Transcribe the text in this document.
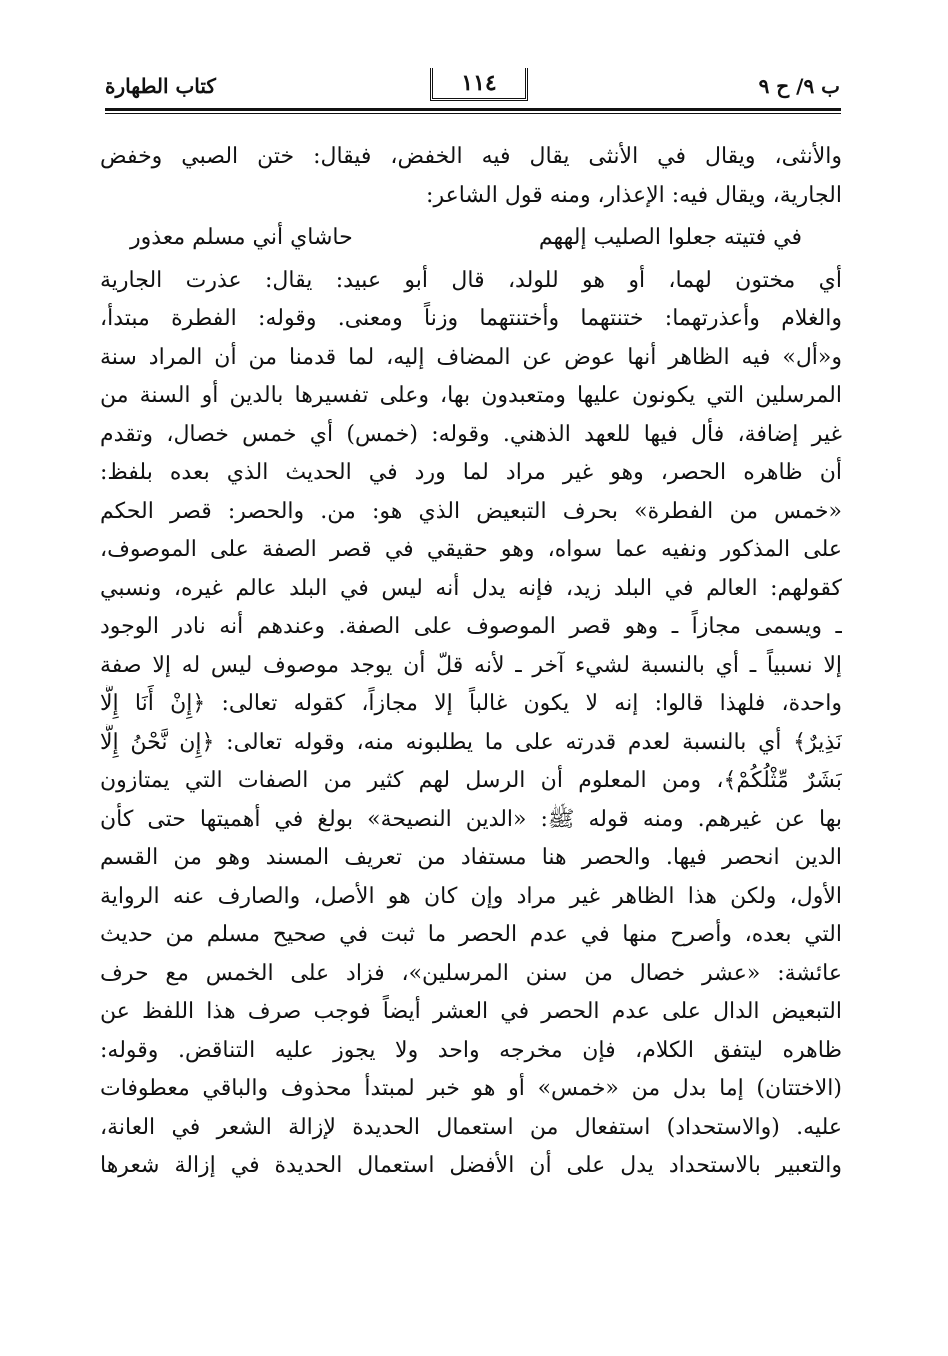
ب ٩/ ح ٩
١١٤
كتاب الطهارة
والأنثى، ويقال في الأنثى يقال فيه الخفض، فيقال: ختن الصبي وخفض
الجارية، ويقال فيه: الإعذار، ومنه قول الشاعر:
في فتيته جعلوا الصليب إلههم
حاشاي أني مسلم معذور
أي مختون لهما، أو هو للولد، قال أبو عبيد: يقال: عذرت الجارية
والغلام وأعذرتهما: ختنتهما وأختنتهما وزناً ومعنى. وقوله: الفطرة مبتدأ،
و«أل» فيه الظاهر أنها عوض عن المضاف إليه، لما قدمنا من أن المراد سنة
المرسلين التي يكونون عليها ومتعبدون بها، وعلى تفسيرها بالدين أو السنة من
غير إضافة، فأل فيها للعهد الذهني. وقوله: (خمس) أي خمس خصال، وتقدم
أن ظاهره الحصر، وهو غير مراد لما ورد في الحديث الذي بعده بلفظ:
«خمس من الفطرة» بحرف التبعيض الذي هو: من. والحصر: قصر الحكم
على المذكور ونفيه عما سواه، وهو حقيقي في قصر الصفة على الموصوف،
كقولهم: العالم في البلد زيد، فإنه يدل أنه ليس في البلد عالم غيره، ونسبي
ـ ويسمى مجازاً ـ وهو قصر الموصوف على الصفة. وعندهم أنه نادر الوجود
إلا نسبياً ـ أي بالنسبة لشيء آخر ـ لأنه قلّ أن يوجد موصوف ليس له إلا صفة
واحدة، فلهذا قالوا: إنه لا يكون غالباً إلا مجازاً، كقوله تعالى: ﴿إِنْ أَنَا إِلَّا
نَذِيرٌ﴾ أي بالنسبة لعدم قدرته على ما يطلبونه منه، وقوله تعالى: ﴿إِن نَّحْنُ إِلَّا
بَشَرٌ مِّثْلُكُمْ﴾، ومن المعلوم أن الرسل لهم كثير من الصفات التي يمتازون
بها عن غيرهم. ومنه قوله ﷺ: «الدين النصيحة» بولغ في أهميتها حتى كأن
الدين انحصر فيها. والحصر هنا مستفاد من تعريف المسند وهو من القسم
الأول، ولكن هذا الظاهر غير مراد وإن كان هو الأصل، والصارف عنه الرواية
التي بعده، وأصرح منها في عدم الحصر ما ثبت في صحيح مسلم من حديث
عائشة: «عشر خصال من سنن المرسلين»، فزاد على الخمس مع حرف
التبعيض الدال على عدم الحصر في العشر أيضاً فوجب صرف هذا اللفظ عن
ظاهره ليتفق الكلام، فإن مخرجه واحد ولا يجوز عليه التناقض. وقوله:
(الاختتان) إما بدل من «خمس» أو هو خبر لمبتدأ محذوف والباقي معطوفات
عليه. (والاستحداد) استفعال من استعمال الحديدة لإزالة الشعر في العانة،
والتعبير بالاستحداد يدل على أن الأفضل استعمال الحديدة في إزالة شعرها
